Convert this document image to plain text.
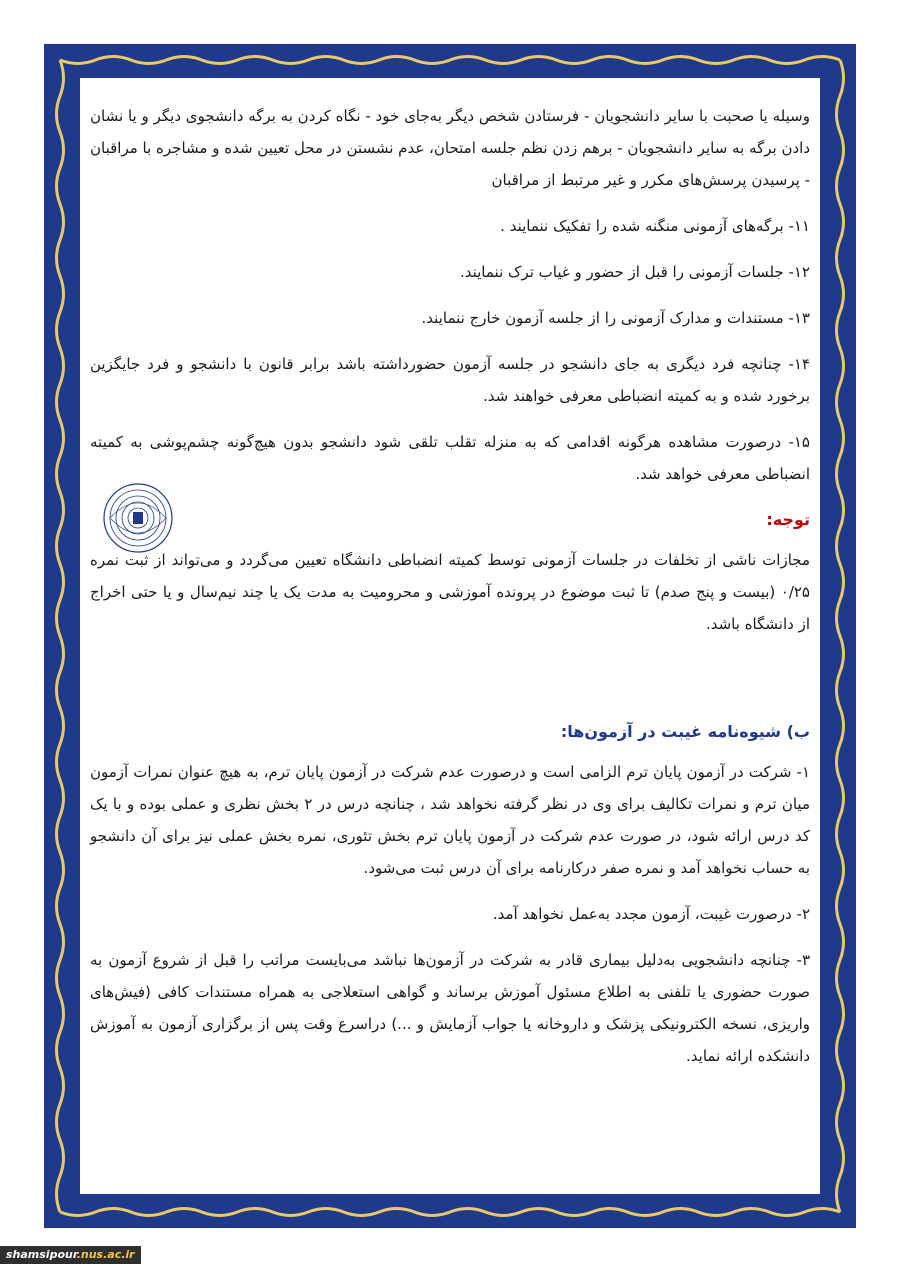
وسیله یا صحبت با سایر دانشجویان - فرستادن شخص دیگر به‌جای خود - نگاه کردن به برگه دانشجوی دیگر و یا نشان دادن برگه به سایر دانشجویان - برهم زدن نظم جلسه امتحان، عدم نشستن در محل تعیین شده و مشاجره با مراقبان - پرسیدن پرسش‌های مکرر و غیر مرتبط از مراقبان

۱۱- برگه‌های آزمونی منگنه شده را تفکیک ننمایند .

۱۲- جلسات آزمونی را قبل از حضور و غیاب ترک ننمایند.

۱۳- مستندات و مدارک آزمونی را از جلسه آزمون خارج ننمایند.

۱۴- چنانچه فرد دیگری به جای دانشجو در جلسه آزمون حضورداشته باشد برابر قانون با دانشجو و فرد جایگزین برخورد شده و به کمیته انضباطی معرفی خواهند شد.

۱۵- درصورت مشاهده هرگونه اقدامی که به منزله تقلب تلقی شود دانشجو بدون هیچ‌گونه چشم‌پوشی به کمیته انضباطی معرفی خواهد شد.

توجه:

مجازات ناشی از تخلفات در جلسات آزمونی توسط کمیته انضباطی دانشگاه تعیین می‌گردد و می‌تواند از ثبت نمره ۰/۲۵ (بیست و پنج صدم) تا ثبت موضوع در پرونده آموزشی و محرومیت به مدت یک یا چند نیم‌سال و یا حتی اخراج از دانشگاه باشد.

ب) شیوه‌نامه غیبت در آزمون‌ها:

۱- شرکت در آزمون پایان ترم الزامی است و درصورت عدم شرکت در آزمون پایان ترم، به هیچ عنوان نمرات آزمون میان ترم و نمرات تکالیف برای وی در نظر گرفته نخواهد شد ، چنانچه درس در ۲ بخش نظری و عملی بوده و با یک کد درس ارائه شود، در صورت عدم شرکت در آزمون پایان ترم بخش تئوری، نمره بخش عملی نیز برای آن دانشجو به حساب نخواهد آمد و نمره صفر درکارنامه برای آن درس ثبت می‌شود.

۲- درصورت غیبت، آزمون مجدد به‌عمل نخواهد آمد.

۳- چنانچه دانشجویی به‌دلیل بیماری قادر به شرکت در آزمون‌ها نباشد می‌بایست مراتب را قبل از شروع آزمون به صورت حضوری یا تلفنی به اطلاع مسئول آموزش برساند و گواهی استعلاجی به همراه مستندات کافی (فیش‌های واریزی، نسخه الکترونیکی پزشک و داروخانه یا جواب آزمایش و ...) دراسرع وقت پس از برگزاری آزمون به آموزش دانشکده ارائه نماید.

shamsipour.nus.ac.ir
